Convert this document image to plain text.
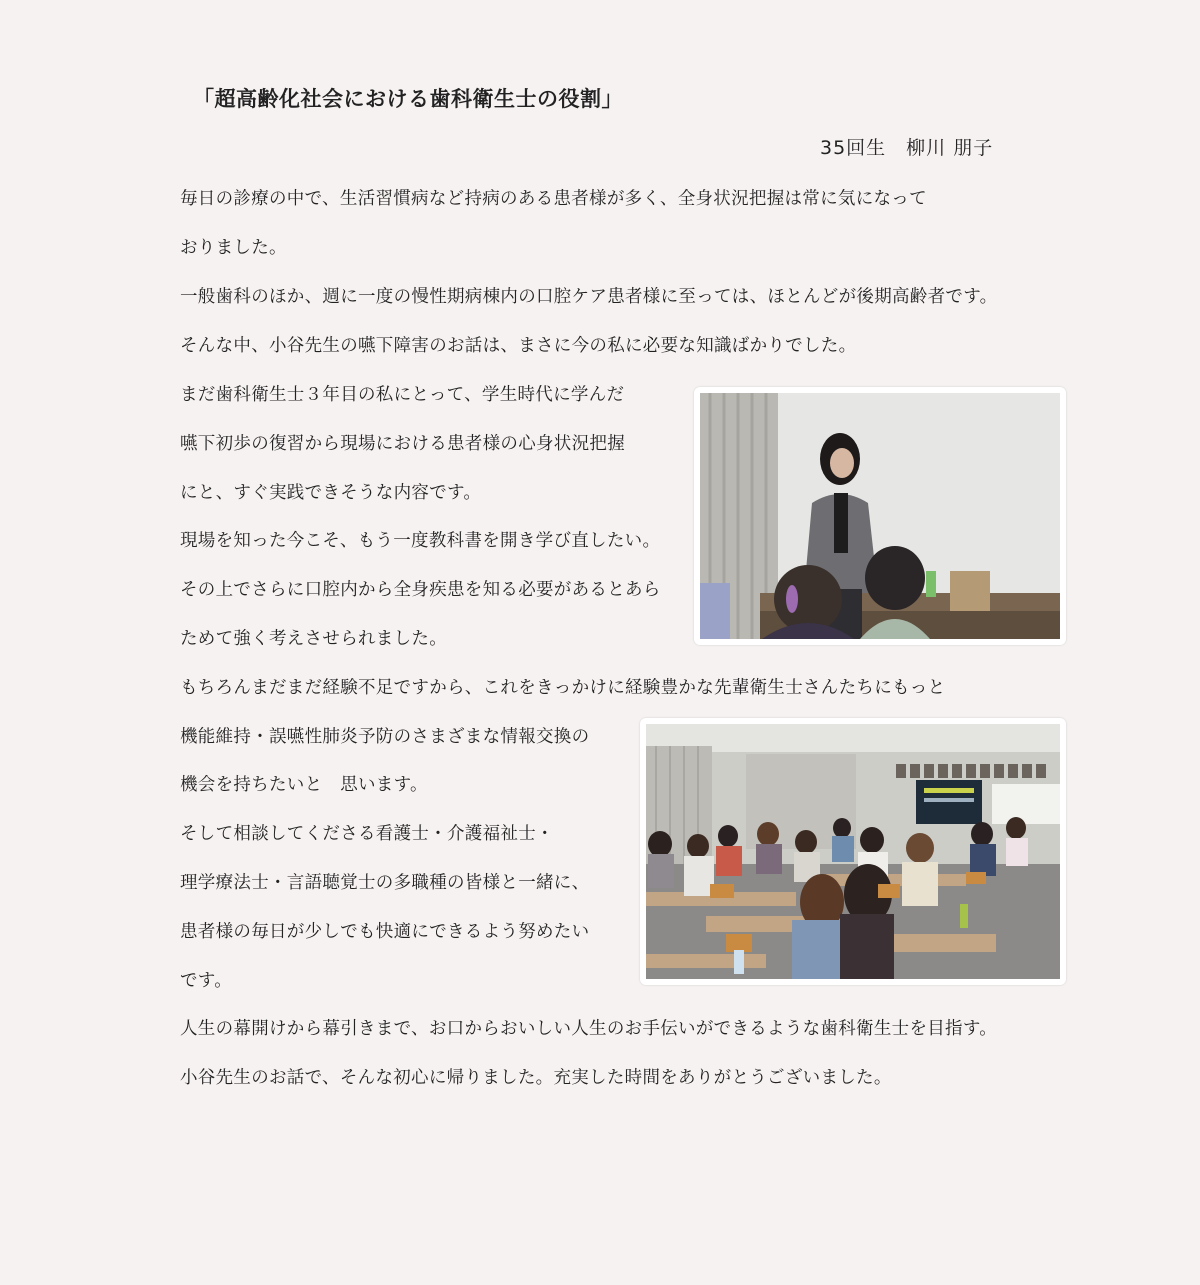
「超高齢化社会における歯科衛生士の役割」
35回生　柳川 朋子
毎日の診療の中で、生活習慣病など持病のある患者様が多く、全身状況把握は常に気になって
おりました。
一般歯科のほか、週に一度の慢性期病棟内の口腔ケア患者様に至っては、ほとんどが後期高齢者です。
そんな中、小谷先生の嚥下障害のお話は、まさに今の私に必要な知識ばかりでした。
まだ歯科衛生士３年目の私にとって、学生時代に学んだ
嚥下初歩の復習から現場における患者様の心身状況把握
にと、すぐ実践できそうな内容です。
現場を知った今こそ、もう一度教科書を開き学び直したい。
その上でさらに口腔内から全身疾患を知る必要があるとあら
ためて強く考えさせられました。
もちろんまだまだ経験不足ですから、これをきっかけに経験豊かな先輩衛生士さんたちにもっと
機能維持・誤嚥性肺炎予防のさまざまな情報交換の
機会を持ちたいと　思います。
そして相談してくださる看護士・介護福祉士・
理学療法士・言語聴覚士の多職種の皆様と一緒に、
患者様の毎日が少しでも快適にできるよう努めたい
です。
人生の幕開けから幕引きまで、お口からおいしい人生のお手伝いができるような歯科衛生士を目指す。
小谷先生のお話で、そんな初心に帰りました。充実した時間をありがとうございました。
